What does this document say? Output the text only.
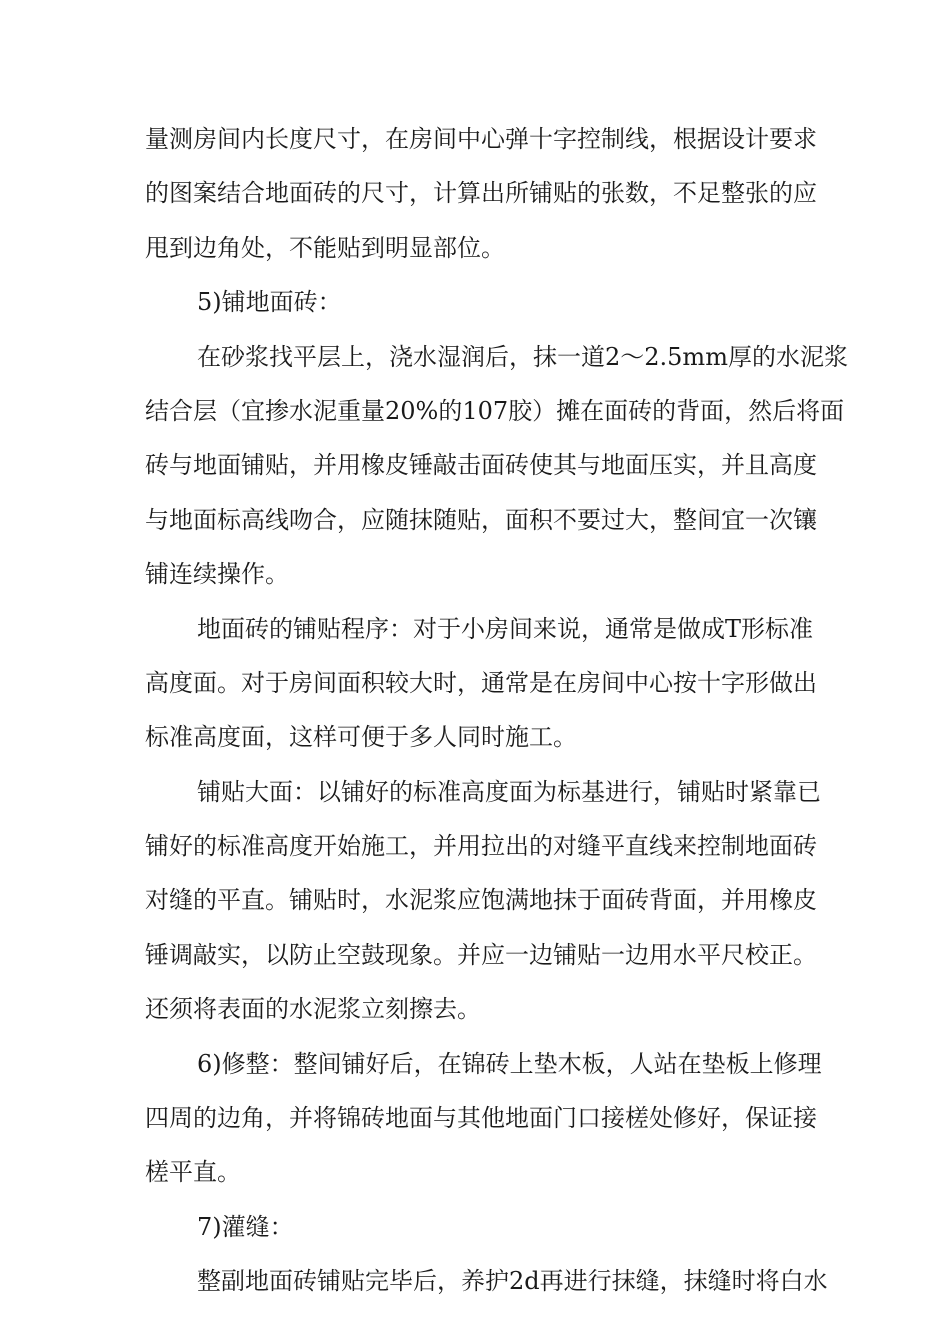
量测房间内长度尺寸，在房间中心弹十字控制线，根据设计要求
的图案结合地面砖的尺寸，计算出所铺贴的张数，不足整张的应
甩到边角处，不能贴到明显部位。
5)铺地面砖：
在砂浆找平层上，浇水湿润后，抹一道2～2.5mm厚的水泥浆
结合层（宜掺水泥重量20%的107胶）摊在面砖的背面，然后将面
砖与地面铺贴，并用橡皮锤敲击面砖使其与地面压实，并且高度
与地面标高线吻合，应随抹随贴，面积不要过大，整间宜一次镶
铺连续操作。
地面砖的铺贴程序：对于小房间来说，通常是做成T形标准
高度面。对于房间面积较大时，通常是在房间中心按十字形做出
标准高度面，这样可便于多人同时施工。
铺贴大面：以铺好的标准高度面为标基进行，铺贴时紧靠已
铺好的标准高度开始施工，并用拉出的对缝平直线来控制地面砖
对缝的平直。铺贴时，水泥浆应饱满地抹于面砖背面，并用橡皮
锤调敲实，以防止空鼓现象。并应一边铺贴一边用水平尺校正。
还须将表面的水泥浆立刻擦去。
6)修整：整间铺好后，在锦砖上垫木板，人站在垫板上修理
四周的边角，并将锦砖地面与其他地面门口接槎处修好，保证接
槎平直。
7)灌缝：
整副地面砖铺贴完毕后，养护2d再进行抹缝，抹缝时将白水
